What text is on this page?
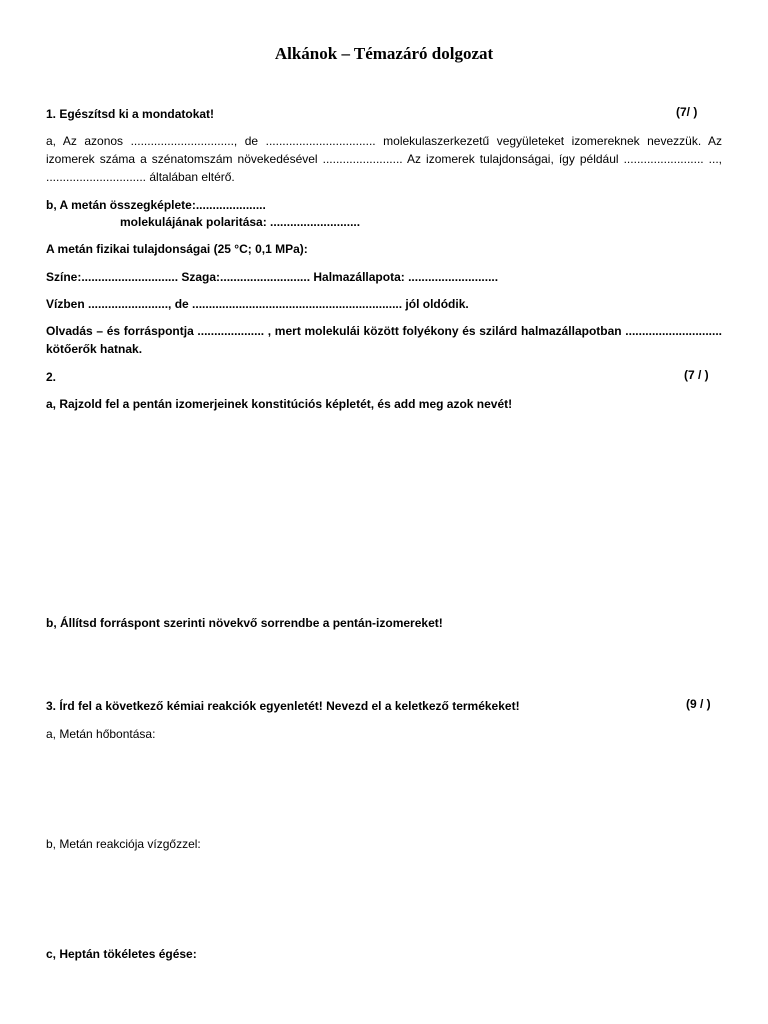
Alkánok – Témazáró dolgozat
1. Egészítsd ki a mondatokat!	(7/ )
a, Az azonos ..............................., de ................................. molekulaszerkezetű vegyületeket izomereknek nevezzük. Az izomerek száma a szénatomszám növekedésével ........................ Az izomerek tulajdonságai, így például ........................ ..., .............................. általában eltérő.
b, A metán összegképlete:.....................
molekulájának polaritása: ...........................
A metán fizikai tulajdonságai (25 °C; 0,1 MPa):
Színe:............................. Szaga:........................... Halmazállapota: ...........................
Vízben ........................, de ............................................................... jól oldódik.
Olvadás – és forráspontja .................... , mert molekulái között folyékony és szilárd halmazállapotban ............................. kötőerők hatnak.
2.	(7 / )
a, Rajzold fel a pentán izomerjeinek konstitúciós képletét, és add meg azok nevét!
b, Állítsd forráspont szerinti növekvő sorrendbe a pentán-izomereket!
3. Írd fel a következő kémiai reakciók egyenletét! Nevezd el a keletkező termékeket!	(9 / )
a, Metán hőbontása:
b, Metán reakciója vízgőzzel:
c, Heptán tökéletes égése:
